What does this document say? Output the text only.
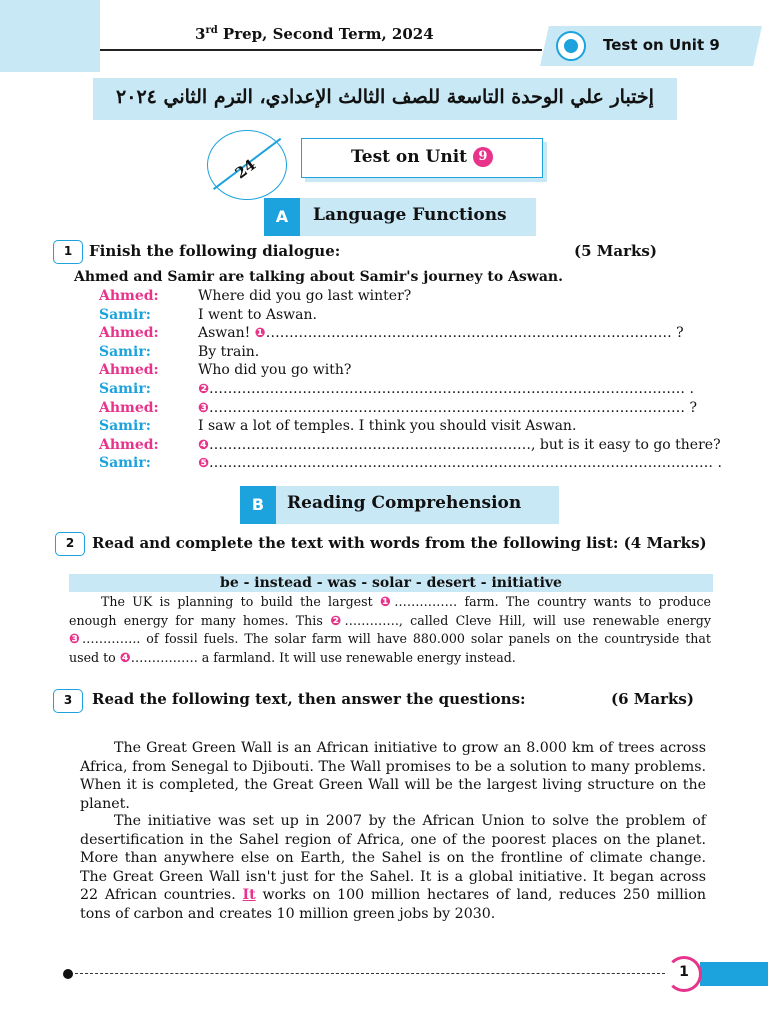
3rd Prep, Second Term, 2024
Test on Unit 9
إختبار علي الوحدة التاسعة للصف الثالث الإعدادي، الترم الثاني ٢٠٢٤
24	Test on Unit 9
A	Language Functions
1	Finish the following dialogue:	(5 Marks)
Ahmed and Samir are talking about Samir's journey to Aswan.
Ahmed:	Where did you go last winter?
Samir:	I went to Aswan.
Ahmed:	Aswan! ❶…………………………………………………………………………… ?
Samir:	By train.
Ahmed:	Who did you go with?
Samir:	❷………………………………………………………………………………………… .
Ahmed:	❸………………………………………………………………………………………… ?
Samir:	I saw a lot of temples. I think you should visit Aswan.
Ahmed:	❹……………………………………………………………, but is it easy to go there?
Samir:	❺……………………………………………………………………………………………… .
B	Reading Comprehension
2	Read and complete the text with words from the following list: (4 Marks)
be - instead - was - solar - desert - initiative
The UK is planning to build the largest ❶…………… farm. The country wants to produce enough energy for many homes. This ❷…………., called Cleve Hill, will use renewable energy ❸………….. of fossil fuels. The solar farm will have 880.000 solar panels on the countryside that used to ❹……………. a farmland. It will use renewable energy instead.
3	Read the following text, then answer the questions:	(6 Marks)
The Great Green Wall is an African initiative to grow an 8.000 km of trees across Africa, from Senegal to Djibouti. The Wall promises to be a solution to many problems. When it is completed, the Great Green Wall will be the largest living structure on the planet.
The initiative was set up in 2007 by the African Union to solve the problem of desertification in the Sahel region of Africa, one of the poorest places on the planet. More than anywhere else on Earth, the Sahel is on the frontline of climate change. The Great Green Wall isn't just for the Sahel. It is a global initiative. It began across 22 African countries. It works on 100 million hectares of land, reduces 250 million tons of carbon and creates 10 million green jobs by 2030.
1
